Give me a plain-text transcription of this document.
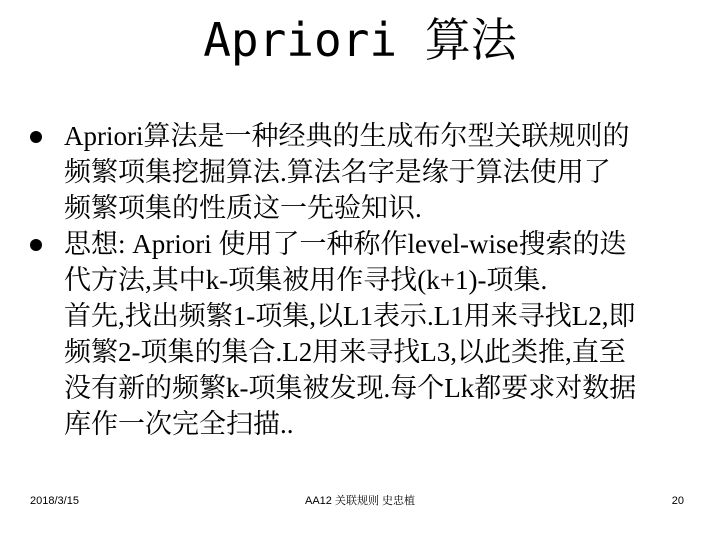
Apriori 算法
Apriori算法是一种经典的生成布尔型关联规则的
频繁项集挖掘算法.算法名字是缘于算法使用了
频繁项集的性质这一先验知识.
思想: Apriori 使用了一种称作level-wise搜索的迭
代方法,其中k-项集被用作寻找(k+1)-项集.
首先,找出频繁1-项集,以L1表示.L1用来寻找L2,即
频繁2-项集的集合.L2用来寻找L3,以此类推,直至
没有新的频繁k-项集被发现.每个Lk都要求对数据
库作一次完全扫描..
2018/3/15	AA12 关联规则 史忠植	20
